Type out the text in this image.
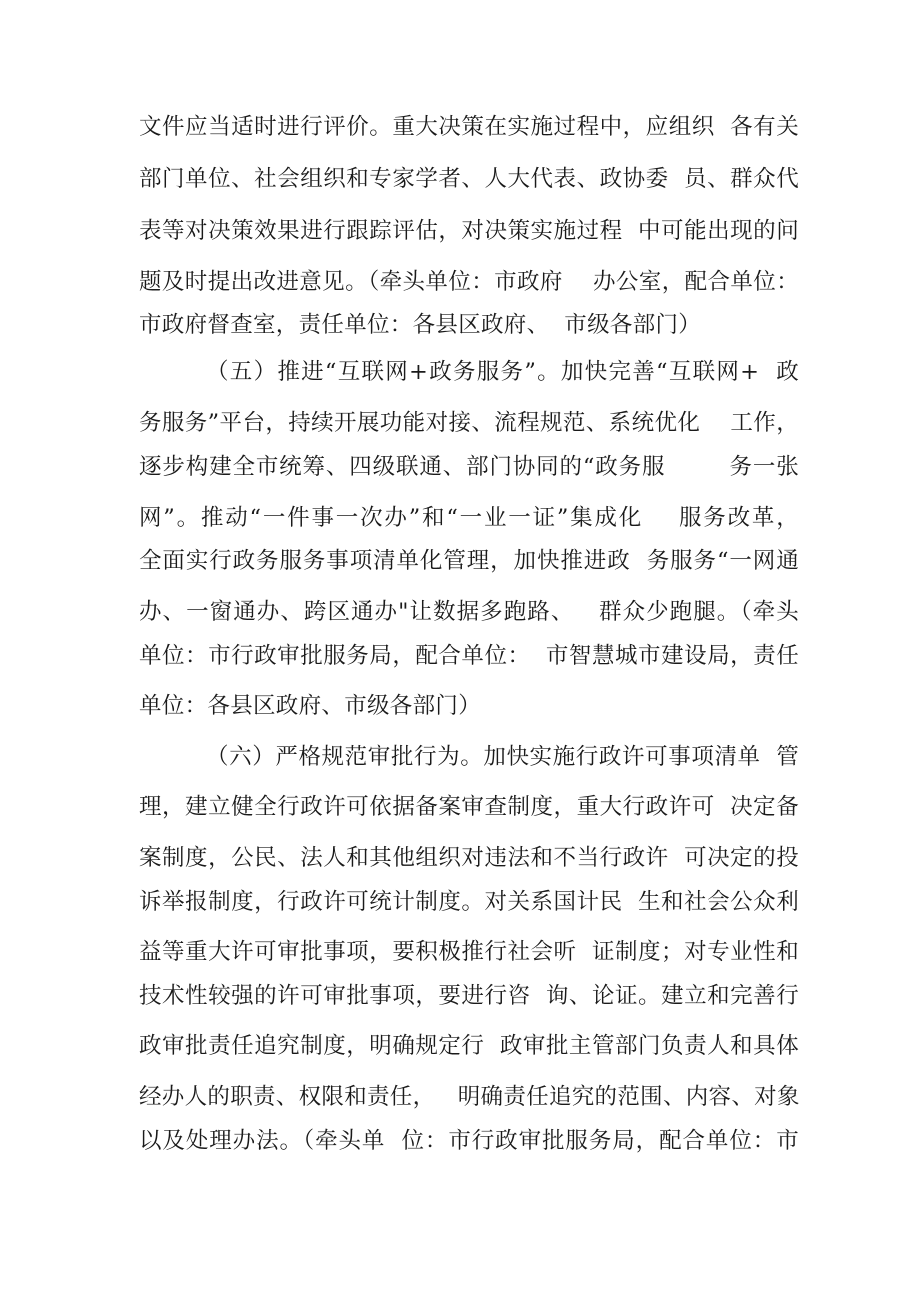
文件应当适时进行评价。重大决策在实施过程中，应组织  各有关
部门单位、社会组织和专家学者、人大代表、政协委  员、群众代
表等对决策效果进行跟踪评估，对决策实施过程  中可能出现的问
题及时提出改进意见。（牵头单位：市政府    办公室，配合单位：
市政府督查室，责任单位：各县区政府、  市级各部门）
（五）推进“互联网+政务服务”。加快完善“互联网+  政
务服务”平台，持续开展功能对接、流程规范、系统优化    工作，
逐步构建全市统筹、四级联通、部门协同的“政务服        务一张
网”。推动“一件事一次办”和“一业一证”集成化    服务改革，
全面实行政务服务事项清单化管理，加快推进政  务服务“一网通
办、一窗通办、跨区通办"让数据多跑路、   群众少跑腿。（牵头
单位：市行政审批服务局，配合单位：  市智慧城市建设局，责任
单位：各县区政府、市级各部门）
（六）严格规范审批行为。加快实施行政许可事项清单  管
理，建立健全行政许可依据备案审查制度，重大行政许可  决定备
案制度，公民、法人和其他组织对违法和不当行政许  可决定的投
诉举报制度，行政许可统计制度。对关系国计民  生和社会公众利
益等重大许可审批事项，要积极推行社会听  证制度；对专业性和
技术性较强的许可审批事项，要进行咨  询、论证。建立和完善行
政审批责任追究制度，明确规定行  政审批主管部门负责人和具体
经办人的职责、权限和责任，   明确责任追究的范围、内容、对象
以及处理办法。（牵头单  位：市行政审批服务局，配合单位：市
